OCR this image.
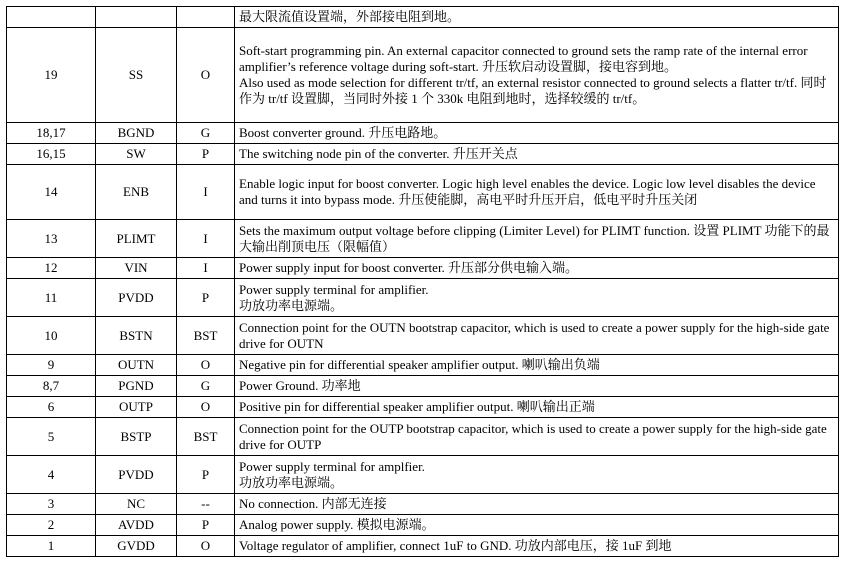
			最大限流值设置端，外部接电阻到地。

19	SS	O	Soft-start programming pin. An external capacitor connected to ground sets the ramp rate of the internal error amplifier’s reference voltage during soft-start. 升压软启动设置脚，接电容到地。
Also used as mode selection for different tr/tf, an external resistor connected to ground selects a flatter tr/tf. 同时作为 tr/tf 设置脚，当同时外接 1 个 330k 电阻到地时，选择较缓的 tr/tf。

18,17	BGND	G	Boost converter ground. 升压电路地。

16,15	SW	P	The switching node pin of the converter. 升压开关点

14	ENB	I	Enable logic input for boost converter. Logic high level enables the device. Logic low level disables the device and turns it into bypass mode. 升压使能脚，高电平时升压开启，低电平时升压关闭

13	PLIMT	I	Sets the maximum output voltage before clipping (Limiter Level) for PLIMT function. 设置 PLIMT 功能下的最大输出削顶电压（限幅值）

12	VIN	I	Power supply input for boost converter. 升压部分供电输入端。

11	PVDD	P	Power supply terminal for amplifier.
功放功率电源端。

10	BSTN	BST	Connection point for the OUTN bootstrap capacitor, which is used to create a power supply for the high-side gate drive for OUTN

9	OUTN	O	Negative pin for differential speaker amplifier output. 喇叭输出负端

8,7	PGND	G	Power Ground. 功率地

6	OUTP	O	Positive pin for differential speaker amplifier output. 喇叭输出正端

5	BSTP	BST	Connection point for the OUTP bootstrap capacitor, which is used to create a power supply for the high-side gate drive for OUTP

4	PVDD	P	Power supply terminal for amplfier.
功放功率电源端。

3	NC	--	No connection. 内部无连接

2	AVDD	P	Analog power supply. 模拟电源端。

1	GVDD	O	Voltage regulator of amplifier, connect 1uF to GND. 功放内部电压，接 1uF 到地
